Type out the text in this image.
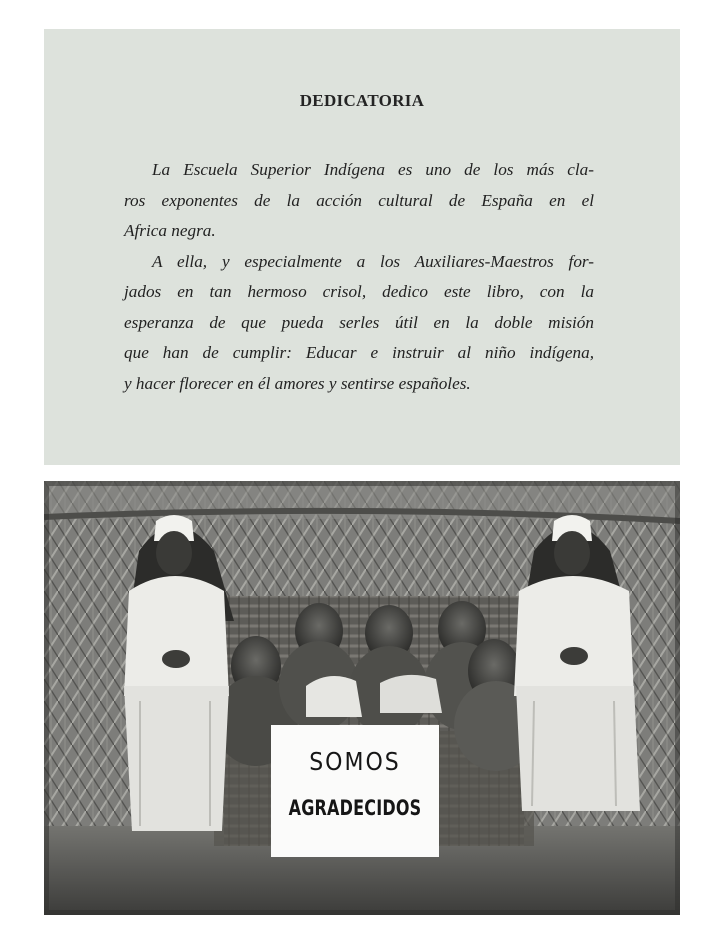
DEDICATORIA
La Escuela Superior Indígena es uno de los más cla-
ros exponentes de la acción cultural de España en el
Africa negra.
A ella, y especialmente a los Auxiliares-Maestros for-
jados en tan hermoso crisol, dedico este libro, con la
esperanza de que pueda serles útil en la doble misión
que han de cumplir: Educar e instruir al niño indígena,
y hacer florecer en él amores y sentirse españoles.
SOMOS
AGRADECIDOS
